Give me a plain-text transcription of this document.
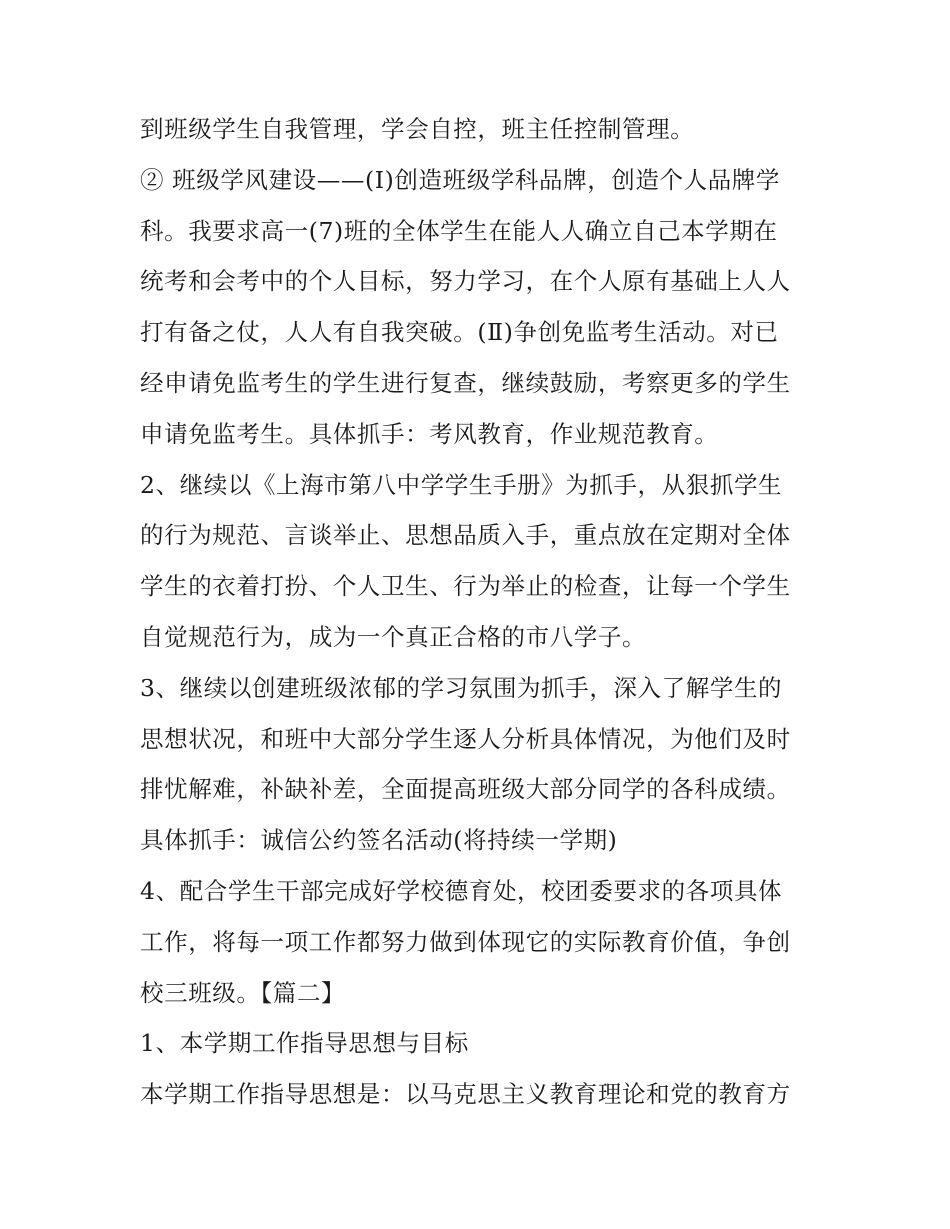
到班级学生自我管理，学会自控，班主任控制管理。
② 班级学风建设——(Ⅰ)创造班级学科品牌，创造个人品牌学
科。我要求高一(7)班的全体学生在能人人确立自己本学期在
统考和会考中的个人目标，努力学习，在个人原有基础上人人
打有备之仗，人人有自我突破。(Ⅱ)争创免监考生活动。对已
经申请免监考生的学生进行复查，继续鼓励，考察更多的学生
申请免监考生。具体抓手：考风教育，作业规范教育。
2、继续以《上海市第八中学学生手册》为抓手，从狠抓学生
的行为规范、言谈举止、思想品质入手，重点放在定期对全体
学生的衣着打扮、个人卫生、行为举止的检查，让每一个学生
自觉规范行为，成为一个真正合格的市八学子。
3、继续以创建班级浓郁的学习氛围为抓手，深入了解学生的
思想状况，和班中大部分学生逐人分析具体情况，为他们及时
排忧解难，补缺补差，全面提高班级大部分同学的各科成绩。
具体抓手：诚信公约签名活动(将持续一学期)
4、配合学生干部完成好学校德育处，校团委要求的各项具体
工作，将每一项工作都努力做到体现它的实际教育价值，争创
校三班级。【篇二】
1、本学期工作指导思想与目标
本学期工作指导思想是：以马克思主义教育理论和党的教育方
